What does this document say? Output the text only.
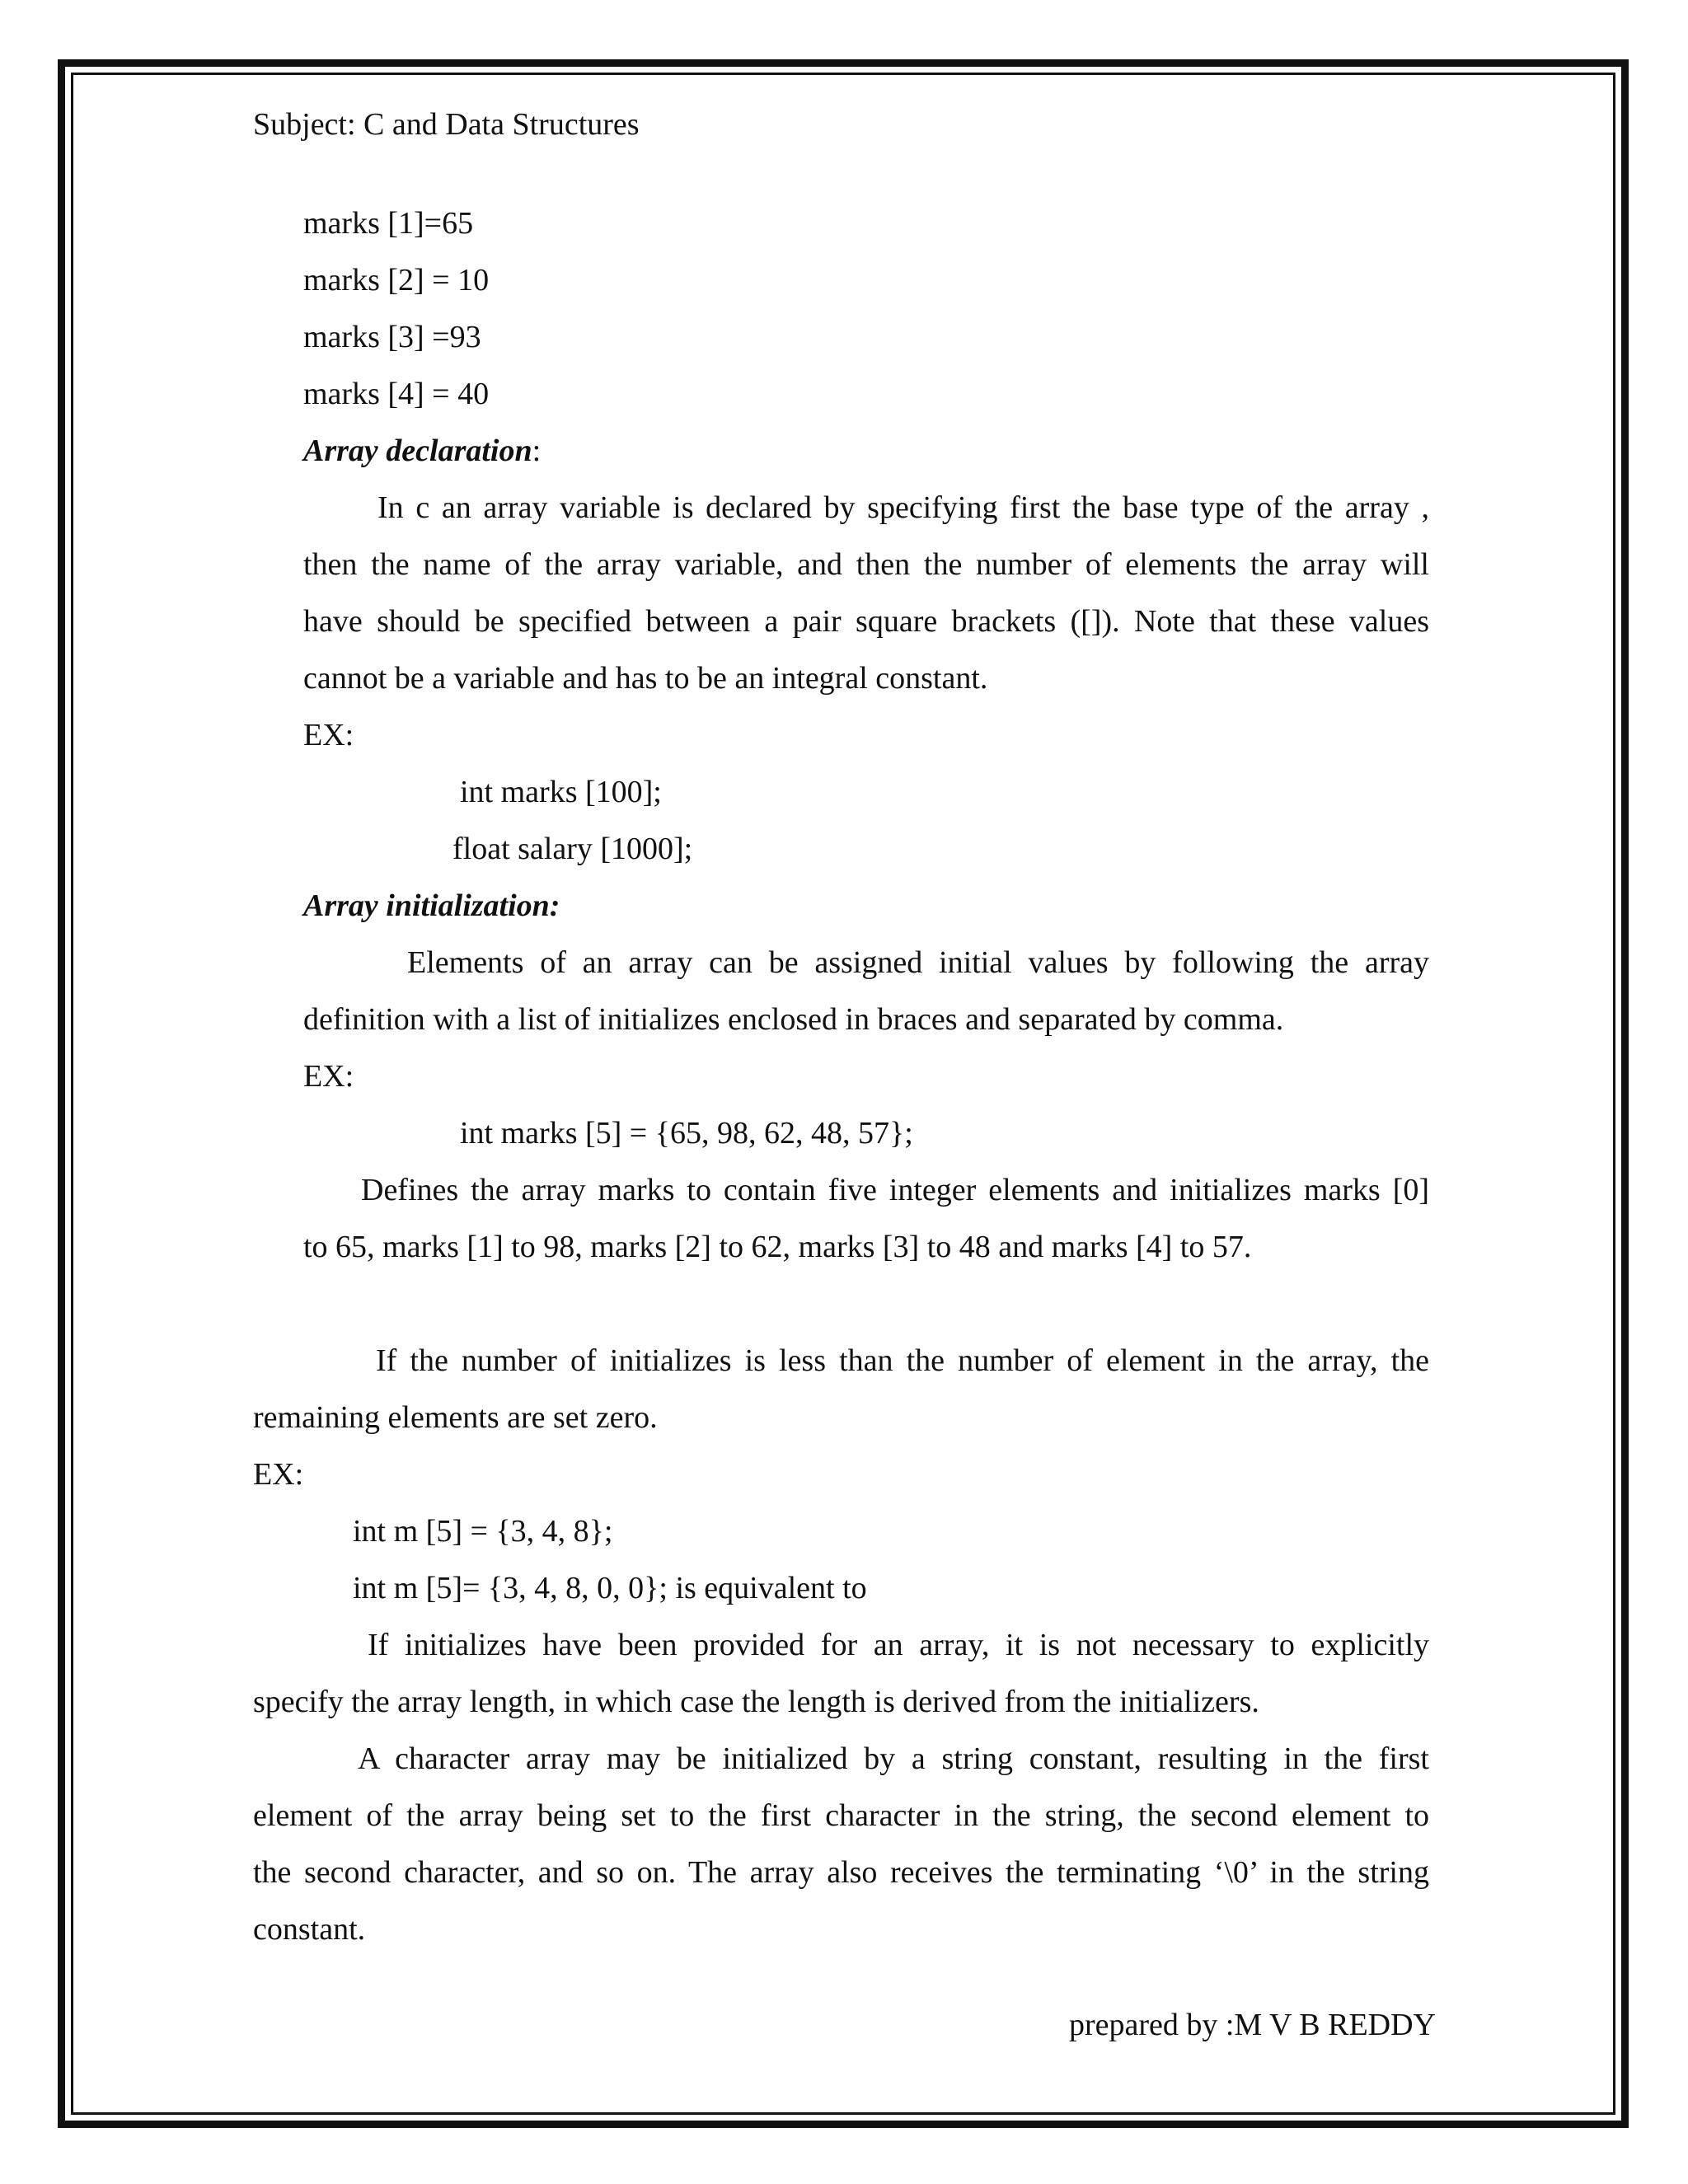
Subject: C and Data Structures
marks [1]=65
marks [2] = 10
marks [3] =93
marks [4] = 40
Array declaration:
In c an array variable is declared by specifying first the base type of the array ,
then the name of the array variable, and then the number of elements the array will
have should be specified between a pair square brackets ([]). Note that these values
cannot be a variable and has to be an integral constant.
EX:
int marks [100];
float salary [1000];
Array initialization:
Elements of an array can be assigned initial values by following the array
definition with a list of initializes enclosed in braces and separated by comma.
EX:
int marks [5] = {65, 98, 62, 48, 57};
Defines the array marks to contain five integer elements and initializes marks [0]
to 65, marks [1] to 98, marks [2] to 62, marks [3] to 48 and marks [4] to 57.
If the number of initializes is less than the number of element in the array, the
remaining elements are set zero.
EX:
int m [5] = {3, 4, 8};
int m [5]= {3, 4, 8, 0, 0}; is equivalent to
If initializes have been provided for an array, it is not necessary to explicitly
specify the array length, in which case the length is derived from the initializers.
A character array may be initialized by a string constant, resulting in the first
element of the array being set to the first character in the string, the second element to
the second character, and so on. The array also receives the terminating ‘\0’ in the string
constant.
prepared by :M V B REDDY
